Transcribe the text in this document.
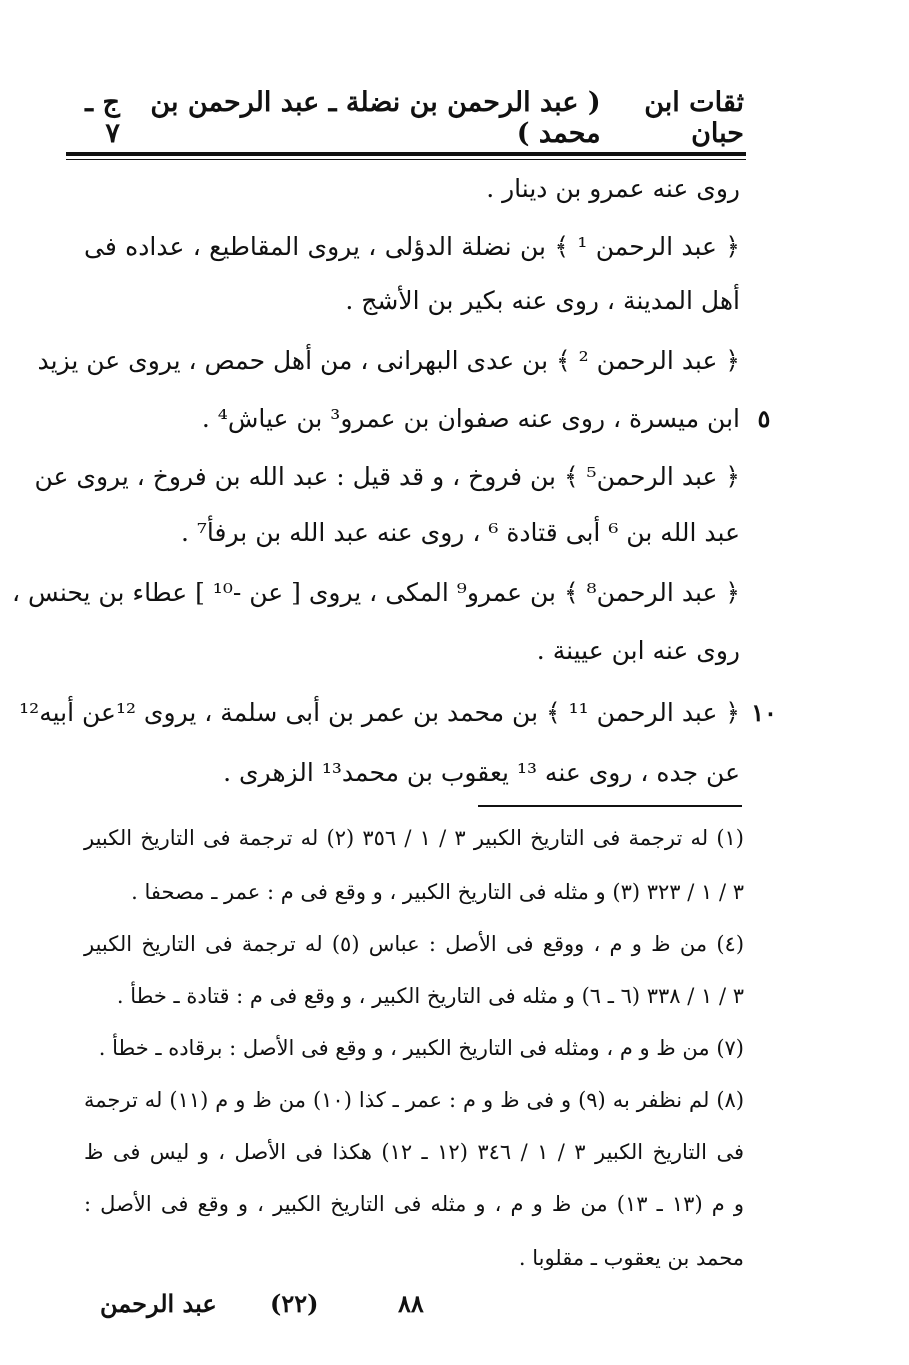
ثقات ابن حبان
( عبد الرحمن بن نضلة ـ عبد الرحمن بن محمد )
ج ـ ٧
روى عنه عمرو بن دينار .
﴿ عبد الرحمن ¹ ﴾ بن نضلة الدؤلى ، يروى المقاطيع ، عداده فى
أهل المدينة ، روى عنه بكير بن الأشج .
﴿ عبد الرحمن ² ﴾ بن عدى البهرانى ، من أهل حمص ، يروى عن يزيد
ابن ميسرة ، روى عنه صفوان بن عمرو³ بن عياش⁴ . ٥
﴿ عبد الرحمن⁵ ﴾ بن فروخ ، و قد قيل : عبد الله بن فروخ ، يروى عن
عبد الله بن ⁶ أبى قتادة ⁶ ، روى عنه عبد الله بن برفأ⁷ .
﴿ عبد الرحمن⁸ ﴾ بن عمرو⁹ المكى ، يروى [ عن -¹⁰ ] عطاء بن يحنس ،
روى عنه ابن عيينة .
﴿ عبد الرحمن ¹¹ ﴾ بن محمد بن عمر بن أبى سلمة ، يروى ¹²عن أبيه¹² ١٠
عن جده ، روى عنه ¹³ يعقوب بن محمد¹³ الزهرى .
(١) له ترجمة فى التاريخ الكبير ٣ / ١ / ٣٥٦ (٢) له ترجمة فى التاريخ الكبير
٣ / ١ / ٣٢٣ (٣) و مثله فى التاريخ الكبير ، و وقع فى م : عمر ـ مصحفا .
(٤) من ظ و م ، ووقع فى الأصل : عباس (٥) له ترجمة فى التاريخ الكبير
٣ / ١ / ٣٣٨ (٦ ـ ٦) و مثله فى التاريخ الكبير ، و وقع فى م : قتادة ـ خطأ .
(٧) من ظ و م ، ومثله فى التاريخ الكبير ، و وقع فى الأصل : برقاده ـ خطأ .
(٨) لم نظفر به (٩) و فى ظ و م : عمر ـ كذا (١٠) من ظ و م (١١) له ترجمة
فى التاريخ الكبير ٣ / ١ / ٣٤٦ (١٢ ـ ١٢) هكذا فى الأصل ، و ليس فى ظ
و م (١٣ ـ ١٣) من ظ و م ، و مثله فى التاريخ الكبير ، و وقع فى الأصل :
محمد بن يعقوب ـ مقلوبا .
عبد الرحمن (٢٢)	٨٨
